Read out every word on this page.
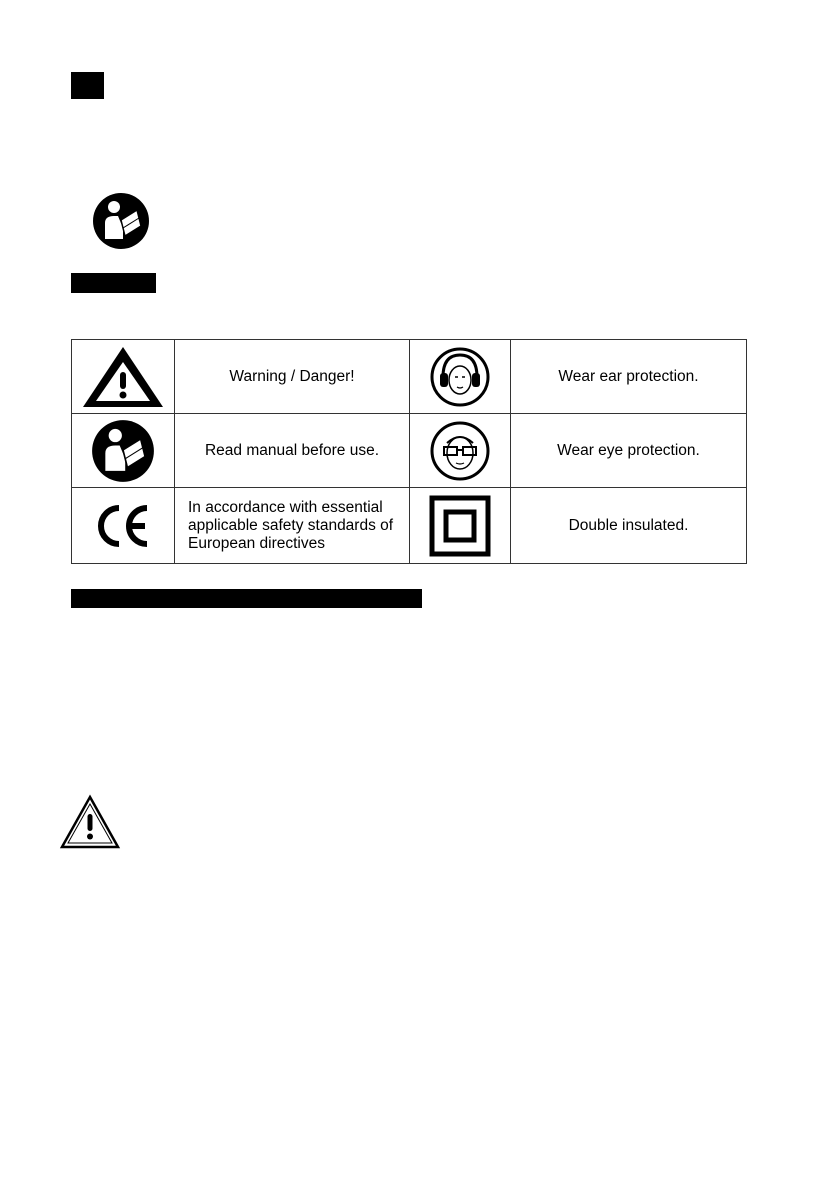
	Warning / Danger!		Wear ear protection.

	Read manual before use.		Wear eye protection.

	In accordance with essential applicable safety standards of European directives		Double insulated.
